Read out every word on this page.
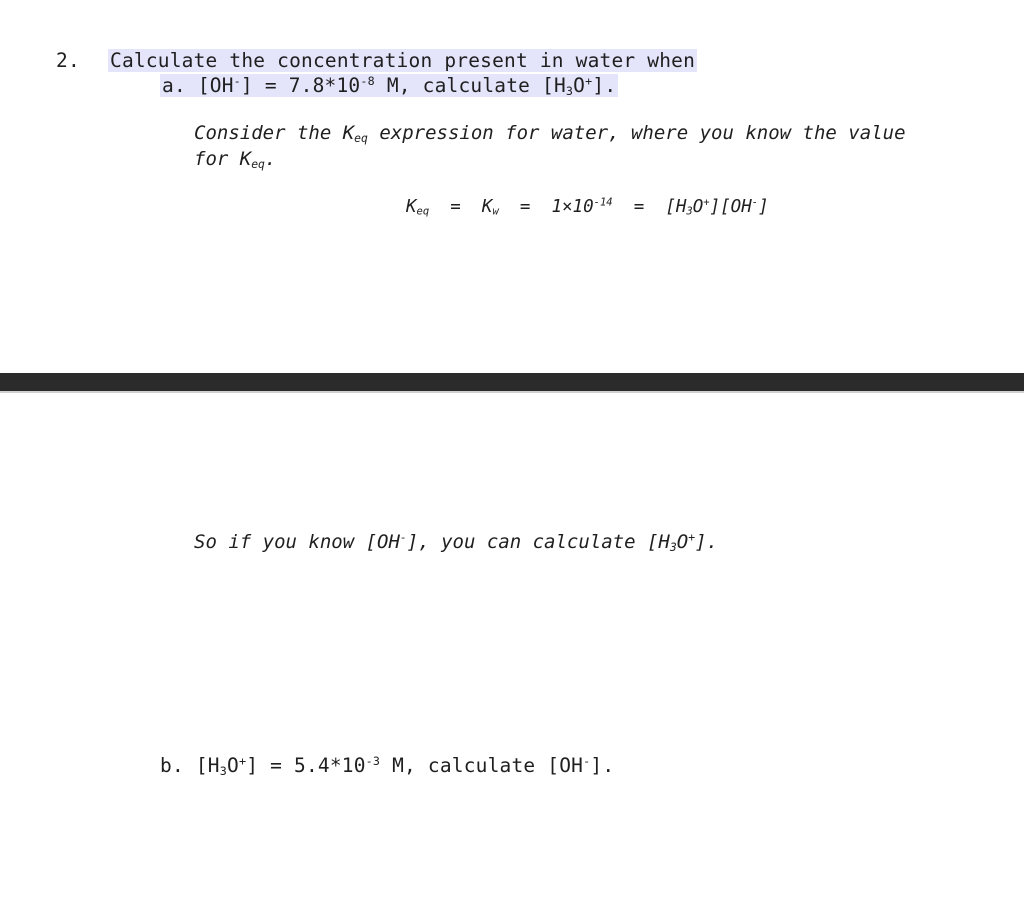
2. Calculate the concentration present in water when
a. $[OH^-] = 7.8*10^{-8}$ M, calculate $[H_3O^+]$.
Consider the $K_{eq}$ expression for water, where you know the value
for $K_{eq}$.
$K_{eq} = K_w = 1\times 10^{-14} = [H_3O^+][OH^-]$
So if you know [OH-], you can calculate $[H_3O^+]$.
b. $[H_3O^+] = 5.4*10^{-3}$ M, calculate [OH-].
